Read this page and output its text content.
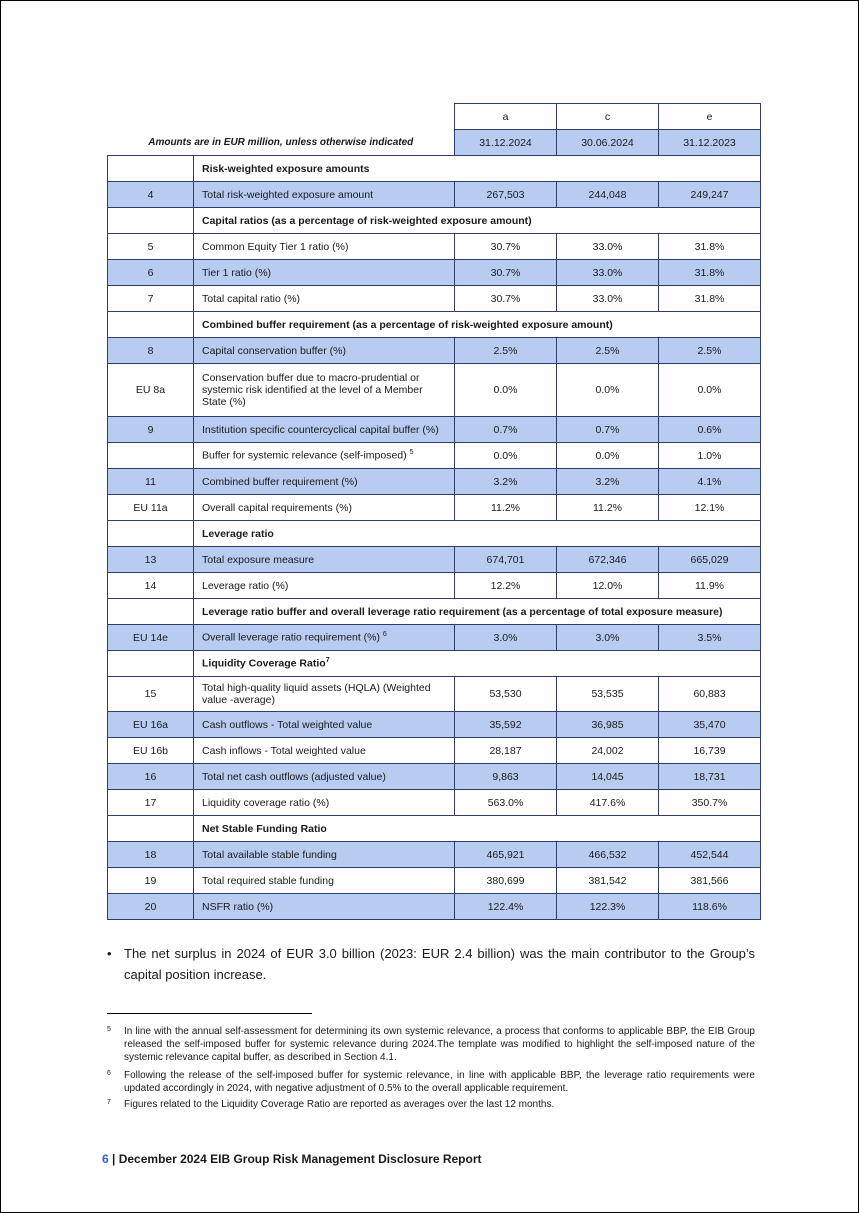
		a	c	e
Amounts are in EUR million, unless otherwise indicated		31.12.2024	30.06.2024	31.12.2023
	Risk-weighted exposure amounts			
4	Total risk-weighted exposure amount	267,503	244,048	249,247
	Capital ratios (as a percentage of risk-weighted exposure amount)			
5	Common Equity Tier 1 ratio (%)	30.7%	33.0%	31.8%
6	Tier 1 ratio (%)	30.7%	33.0%	31.8%
7	Total capital ratio (%)	30.7%	33.0%	31.8%
	Combined buffer requirement (as a percentage of risk-weighted exposure amount)			
8	Capital conservation buffer (%)	2.5%	2.5%	2.5%
EU 8a	Conservation buffer due to macro-prudential or systemic risk identified at the level of a Member State (%)	0.0%	0.0%	0.0%
9	Institution specific countercyclical capital buffer (%)	0.7%	0.7%	0.6%
	Buffer for systemic relevance (self-imposed) $^5$	0.0%	0.0%	1.0%
11	Combined buffer requirement (%)	3.2%	3.2%	4.1%
EU 11a	Overall capital requirements (%)	11.2%	11.2%	12.1%
	Leverage ratio			
13	Total exposure measure	674,701	672,346	665,029
14	Leverage ratio (%)	12.2%	12.0%	11.9%
	Leverage ratio buffer and overall leverage ratio requirement (as a percentage of total exposure measure)			
EU 14e	Overall leverage ratio requirement (%) $^6$	3.0%	3.0%	3.5%
	Liquidity Coverage Ratio$^7$
15	Total high-quality liquid assets (HQLA) (Weighted value -average)	53,530	53,535	60,883
EU 16a	Cash outflows - Total weighted value	35,592	36,985	35,470
EU 16b	Cash inflows - Total weighted value	28,187	24,002	16,739
16	Total net cash outflows (adjusted value)	9,863	14,045	18,731
17	Liquidity coverage ratio (%)	563.0%	417.6%	350.7%
	Net Stable Funding Ratio			
18	Total available stable funding	465,921	466,532	452,544
19	Total required stable funding	380,699	381,542	381,566
20	NSFR ratio (%)	122.4%	122.3%	118.6%
• The net surplus in 2024 of EUR 3.0 billion (2023: EUR 2.4 billion) was the main contributor to the Group’s capital position increase.
5 In line with the annual self-assessment for determining its own systemic relevance, a process that conforms to applicable BBP, the EIB Group released the self-imposed buffer for systemic relevance during 2024.The template was modified to highlight the self-imposed nature of the systemic relevance capital buffer, as described in Section 4.1.
6 Following the release of the self-imposed buffer for systemic relevance, in line with applicable BBP, the leverage ratio requirements were updated accordingly in 2024, with negative adjustment of 0.5% to the overall applicable requirement.
7 Figures related to the Liquidity Coverage Ratio are reported as averages over the last 12 months.
6 | December 2024 EIB Group Risk Management Disclosure Report
